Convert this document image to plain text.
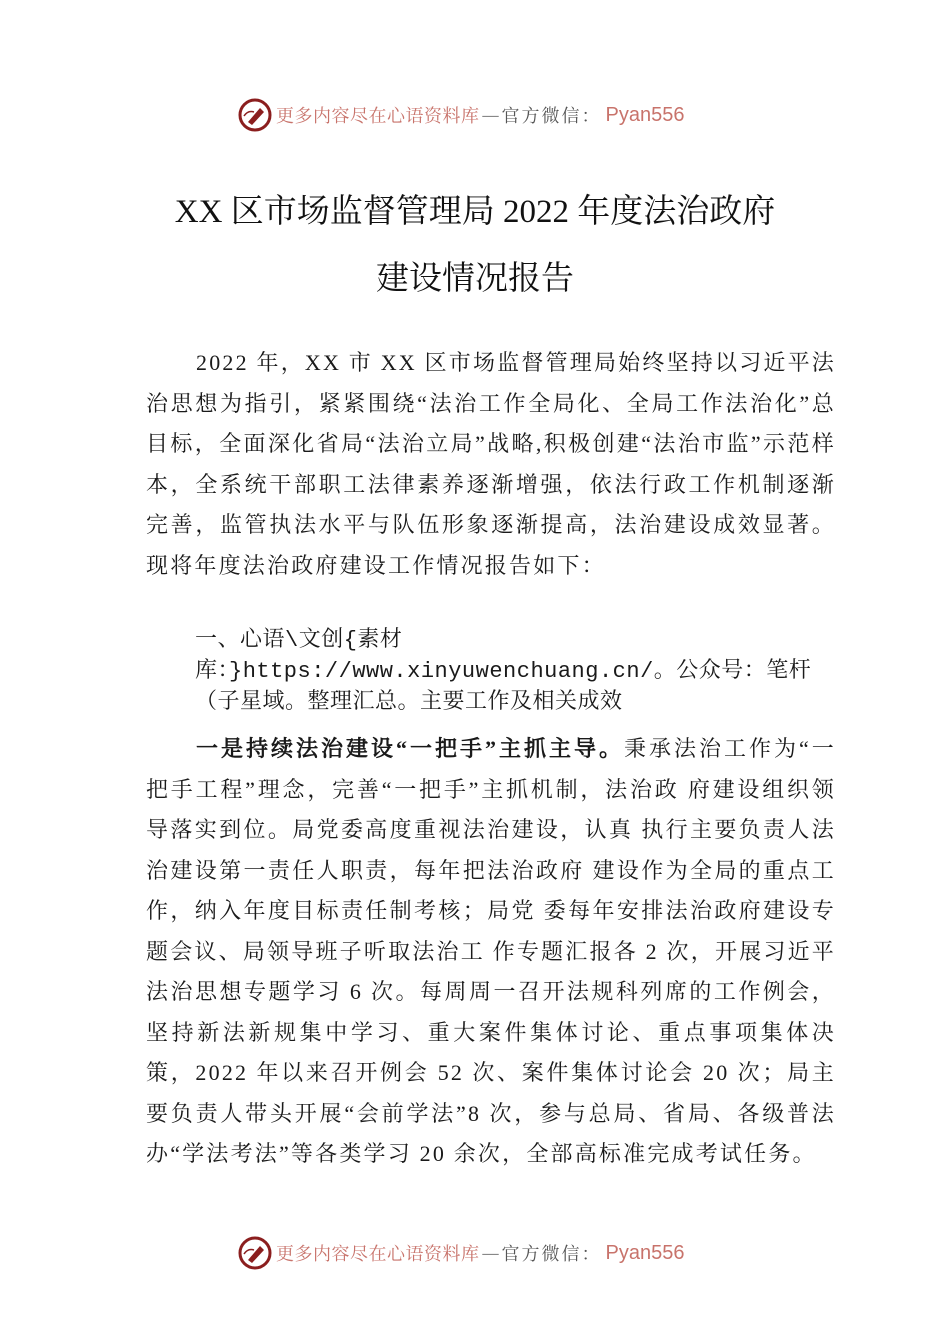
更多内容尽在心语资料库 — 官方微信： Pyan556
XX 区市场监督管理局 2022 年度法治政府
建设情况报告
2022 年，XX 市 XX 区市场监督管理局始终坚持以习近平法治思想为指引，紧紧围绕“法治工作全局化、全局工作法治化”总目标，全面深化省局“法治立局”战略,积极创建“法治市监”示范样本，全系统干部职工法律素养逐渐增强，依法行政工作机制逐渐完善，监管执法水平与队伍形象逐渐提高，法治建设成效显著。现将年度法治政府建设工作情况报告如下：
一、心语\文创{素材库：}https://www.xinyuwenchuang.cn/。公众号：笔杆（子星域。整理汇总。主要工作及相关成效
一是持续法治建设“一把手”主抓主导。秉承法治工作为“一把手工程”理念，完善“一把手”主抓机制，法治政 府建设组织领导落实到位。局党委高度重视法治建设，认真 执行主要负责人法治建设第一责任人职责，每年把法治政府 建设作为全局的重点工作，纳入年度目标责任制考核；局党 委每年安排法治政府建设专题会议、局领导班子听取法治工 作专题汇报各 2 次，开展习近平法治思想专题学习 6 次。每周周一召开法规科列席的工作例会，坚持新法新规集中学习、重大案件集体讨论、重点事项集体决策，2022 年以来召开例会 52 次、案件集体讨论会 20 次；局主要负责人带头开展“会前学法”8 次，参与总局、省局、各级普法办“学法考法”等各类学习 20 余次，全部高标准完成考试任务。
更多内容尽在心语资料库 — 官方微信： Pyan556
